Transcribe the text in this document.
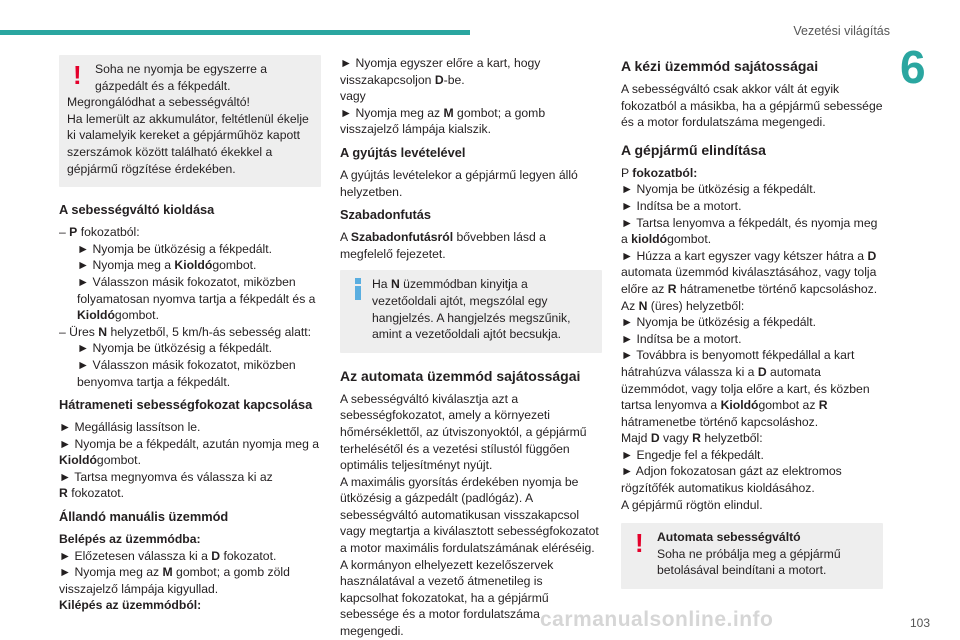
Vezetési világítás
6
! Soha ne nyomja be egyszerre a gázpedált és a fékpedált.

Megrongálódhat a sebességváltó!

Ha lemerült az akkumulátor, feltétlenül ékelje ki valamelyik kereket a gépjárműhöz kapott szerszámok között található ékekkel a gépjármű rögzítése érdekében.

A sebességváltó kioldása

– P fokozatból:

► Nyomja be ütközésig a fékpedált.

► Nyomja meg a Kioldógombot.

► Válasszon másik fokozatot, miközben folyamatosan nyomva tartja a fékpedált és a Kioldógombot.

– Üres N helyzetből, 5 km/h-ás sebesség alatt:

► Nyomja be ütközésig a fékpedált.

► Válasszon másik fokozatot, miközben benyomva tartja a fékpedált.

Hátrameneti sebességfokozat kapcsolása

► Megállásig lassítson le.

► Nyomja be a fékpedált, azután nyomja meg a Kioldógombot.

► Tartsa megnyomva és válassza ki az

R fokozatot.

Állandó manuális üzemmód

Belépés az üzemmódba:

► Előzetesen válassza ki a D fokozatot.

► Nyomja meg az M gombot; a gomb zöld visszajelző lámpája kigyullad.

Kilépés az üzemmódból:

► Nyomja egyszer előre a kart, hogy

visszakapcsoljon D-be.

vagy

► Nyomja meg az M gombot; a gomb visszajelző lámpája kialszik.

A gyújtás levételével

A gyújtás levételekor a gépjármű legyen álló helyzetben.

Szabadonfutás

A Szabadonfutásról bővebben lásd a megfelelő fejezetet.

Ha N üzemmódban kinyitja a vezetőoldali ajtót, megszólal egy hangjelzés. A hangjelzés megszűnik, amint a vezetőoldali ajtót becsukja.

Az automata üzemmód sajátosságai

A sebességváltó kiválasztja azt a sebességfokozatot, amely a környezeti hőmérséklettől, az útviszonyoktól, a gépjármű terhelésétől és a vezetési stílustól függően optimális teljesítményt nyújt.

A maximális gyorsítás érdekében nyomja be ütközésig a gázpedált (padlógáz). A sebességváltó automatikusan visszakapcsol vagy megtartja a kiválasztott sebességfokozatot a motor maximális fordulatszámának eléréséig.

A kormányon elhelyezett kezelőszervek használatával a vezető átmenetileg is kapcsolhat fokozatokat, ha a gépjármű sebessége és a motor fordulatszáma megengedi.

A kézi üzemmód sajátosságai

A sebességváltó csak akkor vált át egyik fokozatból a másikba, ha a gépjármű sebessége és a motor fordulatszáma megengedi.

A gépjármű elindítása

P fokozatból:

► Nyomja be ütközésig a fékpedált.

► Indítsa be a motort.

► Tartsa lenyomva a fékpedált, és nyomja meg a kioldógombot.

► Húzza a kart egyszer vagy kétszer hátra a D automata üzemmód kiválasztásához, vagy tolja előre az R hátramenetbe történő kapcsoláshoz.

Az N (üres) helyzetből:

► Nyomja be ütközésig a fékpedált.

► Indítsa be a motort.

► Továbbra is benyomott fékpedállal a kart hátrahúzva válassza ki a D automata üzemmódot, vagy tolja előre a kart, és közben tartsa lenyomva a Kioldógombot az R hátramenetbe történő kapcsoláshoz.

Majd D vagy R helyzetből:

► Engedje fel a fékpedált.

► Adjon fokozatosan gázt az elektromos rögzítőfék automatikus kioldásához.

A gépjármű rögtön elindul.

! Automata sebességváltó

Soha ne próbálja meg a gépjármű betolásával beindítani a motort.

carmanualsonline.info	103
